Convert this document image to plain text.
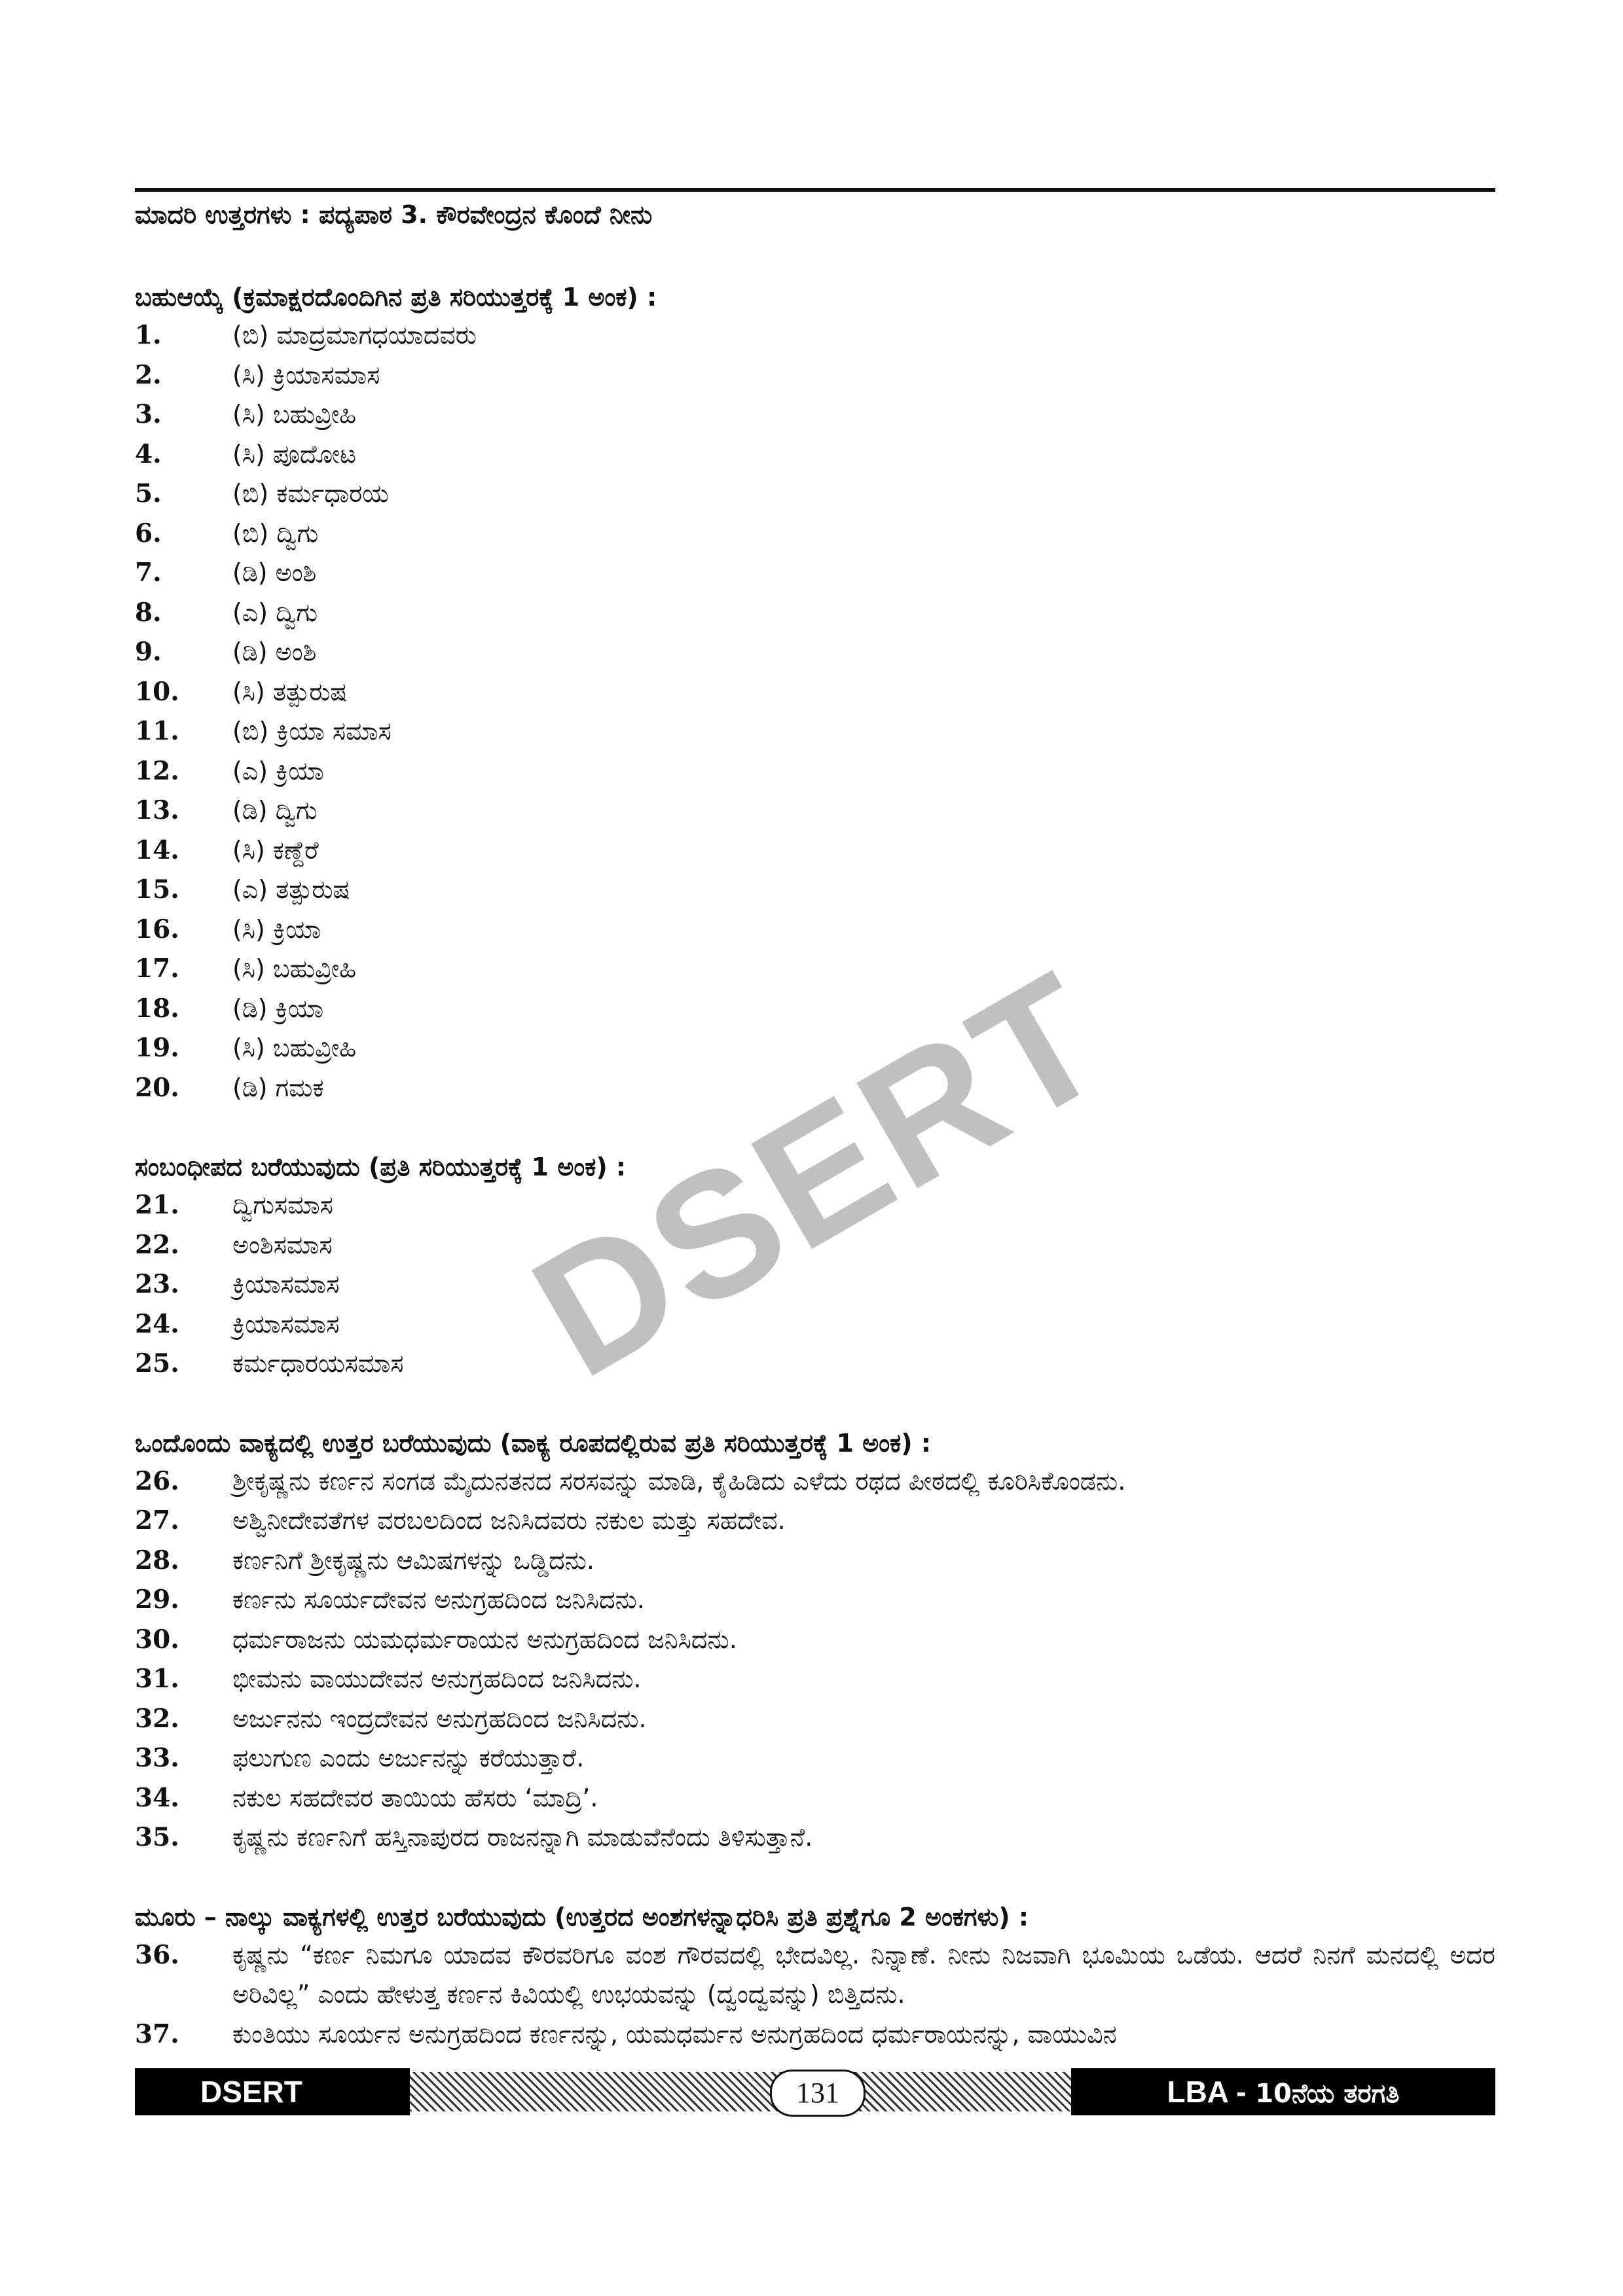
ಮಾದರಿ ಉತ್ತರಗಳು : ಪದ್ಯಪಾಠ 3. ಕೌರವೇಂದ್ರನ ಕೊಂದೆ ನೀನು
ಬಹುಆಯ್ಕೆ (ಕ್ರಮಾಕ್ಷರದೊಂದಿಗಿನ ಪ್ರತಿ ಸರಿಯುತ್ತರಕ್ಕೆ 1 ಅಂಕ) :
1.	(ಬಿ) ಮಾದ್ರಮಾಗಧಯಾದವರು
2.	(ಸಿ) ಕ್ರಿಯಾಸಮಾಸ
3.	(ಸಿ) ಬಹುವ್ರೀಹಿ
4.	(ಸಿ) ಪೂದೋಟ
5.	(ಬಿ) ಕರ್ಮಧಾರಯ
6.	(ಬಿ) ದ್ವಿಗು
7.	(ಡಿ) ಅಂಶಿ
8.	(ಎ) ದ್ವಿಗು
9.	(ಡಿ) ಅಂಶಿ
10.	(ಸಿ) ತತ್ಪುರುಷ
11.	(ಬಿ) ಕ್ರಿಯಾ ಸಮಾಸ
12.	(ಎ) ಕ್ರಿಯಾ
13.	(ಡಿ) ದ್ವಿಗು
14.	(ಸಿ) ಕಣ್ದೆರೆ
15.	(ಎ) ತತ್ಪುರುಷ
16.	(ಸಿ) ಕ್ರಿಯಾ
17.	(ಸಿ) ಬಹುವ್ರೀಹಿ
18.	(ಡಿ) ಕ್ರಿಯಾ
19.	(ಸಿ) ಬಹುವ್ರೀಹಿ
20.	(ಡಿ) ಗಮಕ
ಸಂಬಂಧೀಪದ ಬರೆಯುವುದು (ಪ್ರತಿ ಸರಿಯುತ್ತರಕ್ಕೆ 1 ಅಂಕ) :
21.	ದ್ವಿಗುಸಮಾಸ
22.	ಅಂಶಿಸಮಾಸ
23.	ಕ್ರಿಯಾಸಮಾಸ
24.	ಕ್ರಿಯಾಸಮಾಸ
25.	ಕರ್ಮಧಾರಯಸಮಾಸ
ಒಂದೊಂದು ವಾಕ್ಯದಲ್ಲಿ ಉತ್ತರ ಬರೆಯುವುದು (ವಾಕ್ಯ ರೂಪದಲ್ಲಿರುವ ಪ್ರತಿ ಸರಿಯುತ್ತರಕ್ಕೆ 1 ಅಂಕ) :
26.	ಶ್ರೀಕೃಷ್ಣನು ಕರ್ಣನ ಸಂಗಡ ಮೈದುನತನದ ಸರಸವನ್ನು ಮಾಡಿ, ಕೈಹಿಡಿದು ಎಳೆದು ರಥದ ಪೀಠದಲ್ಲಿ ಕೂರಿಸಿಕೊಂಡನು.
27.	ಅಶ್ವಿನೀದೇವತೆಗಳ ವರಬಲದಿಂದ ಜನಿಸಿದವರು ನಕುಲ ಮತ್ತು ಸಹದೇವ.
28.	ಕರ್ಣನಿಗೆ ಶ್ರೀಕೃಷ್ಣನು ಆಮಿಷಗಳನ್ನು ಒಡ್ಡಿದನು.
29.	ಕರ್ಣನು ಸೂರ್ಯದೇವನ ಅನುಗ್ರಹದಿಂದ ಜನಿಸಿದನು.
30.	ಧರ್ಮರಾಜನು ಯಮಧರ್ಮರಾಯನ ಅನುಗ್ರಹದಿಂದ ಜನಿಸಿದನು.
31.	ಭೀಮನು ವಾಯುದೇವನ ಅನುಗ್ರಹದಿಂದ ಜನಿಸಿದನು.
32.	ಅರ್ಜುನನು ಇಂದ್ರದೇವನ ಅನುಗ್ರಹದಿಂದ ಜನಿಸಿದನು.
33.	ಫಲುಗುಣ ಎಂದು ಅರ್ಜುನನ್ನು ಕರೆಯುತ್ತಾರೆ.
34.	ನಕುಲ ಸಹದೇವರ ತಾಯಿಯ ಹೆಸರು ‘ಮಾದ್ರಿ’.
35.	ಕೃಷ್ಣನು ಕರ್ಣನಿಗೆ ಹಸ್ತಿನಾಪುರದ ರಾಜನನ್ನಾಗಿ ಮಾಡುವೆನೆಂದು ತಿಳಿಸುತ್ತಾನೆ.
ಮೂರು – ನಾಲ್ಕು ವಾಕ್ಯಗಳಲ್ಲಿ ಉತ್ತರ ಬರೆಯುವುದು (ಉತ್ತರದ ಅಂಶಗಳನ್ನಾಧರಿಸಿ ಪ್ರತಿ ಪ್ರಶ್ನೆಗೂ 2 ಅಂಕಗಳು) :
36.	ಕೃಷ್ಣನು “ಕರ್ಣ ನಿಮಗೂ ಯಾದವ ಕೌರವರಿಗೂ ವಂಶ ಗೌರವದಲ್ಲಿ ಭೇದವಿಲ್ಲ. ನಿನ್ನಾಣೆ. ನೀನು ನಿಜವಾಗಿ ಭೂಮಿಯ ಒಡೆಯ. ಆದರೆ ನಿನಗೆ ಮನದಲ್ಲಿ ಅದರ ಅರಿವಿಲ್ಲ” ಎಂದು ಹೇಳುತ್ತ ಕರ್ಣನ ಕಿವಿಯಲ್ಲಿ ಉಭಯವನ್ನು (ದ್ವಂದ್ವವನ್ನು) ಬಿತ್ತಿದನು.
37.	ಕುಂತಿಯು ಸೂರ್ಯನ ಅನುಗ್ರಹದಿಂದ ಕರ್ಣನನ್ನು, ಯಮಧರ್ಮನ ಅನುಗ್ರಹದಿಂದ ಧರ್ಮರಾಯನನ್ನು, ವಾಯುವಿನ
DSERT
DSERT	131	LBA - 10ನೆಯ ತರಗತಿ
